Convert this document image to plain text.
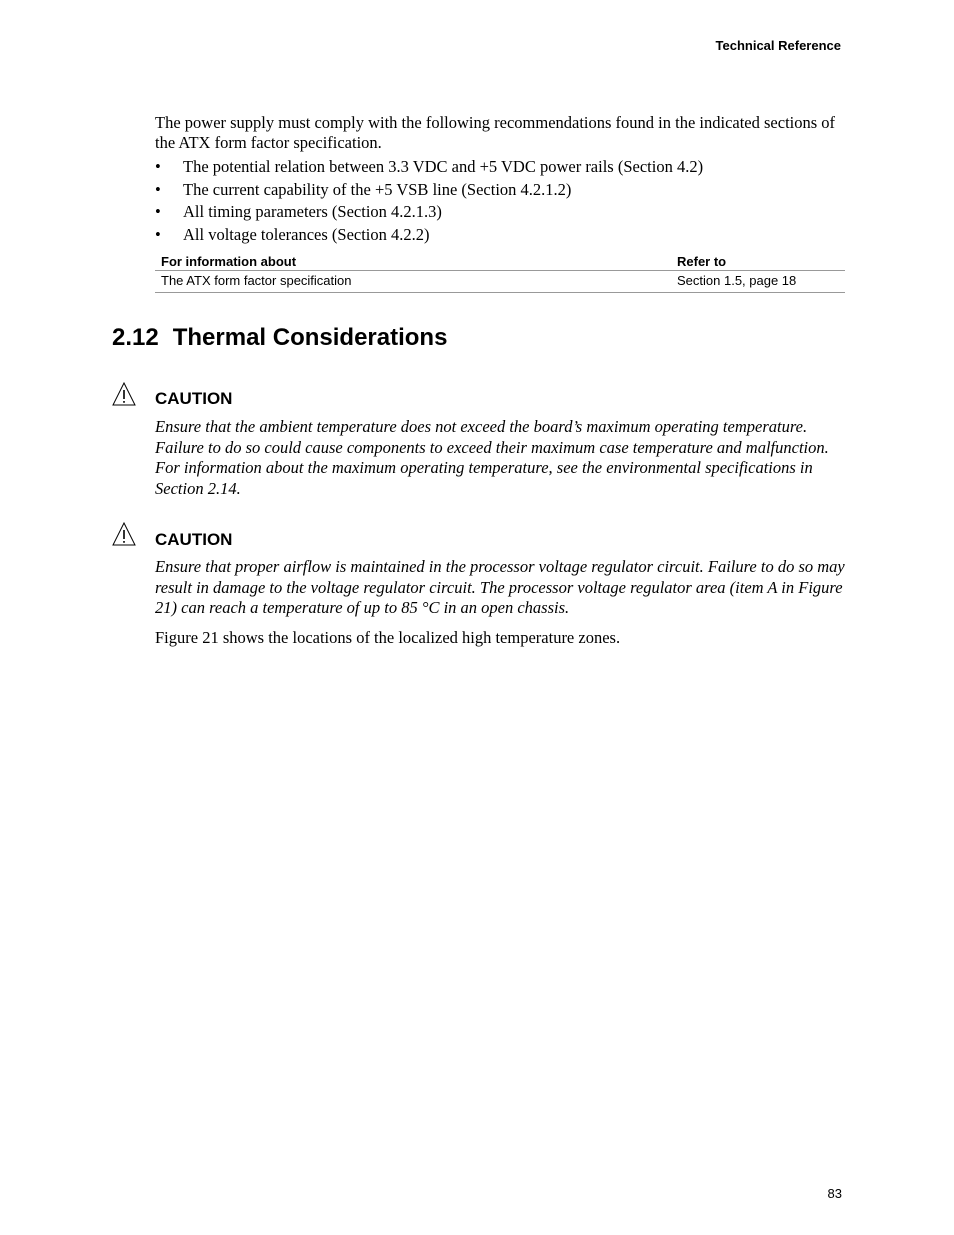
Technical Reference

The power supply must comply with the following recommendations found in the indicated sections of the ATX form factor specification.

• The potential relation between 3.3 VDC and +5 VDC power rails (Section 4.2)
• The current capability of the +5 VSB line (Section 4.2.1.2)
• All timing parameters (Section 4.2.1.3)
• All voltage tolerances (Section 4.2.2)
For information about	Refer to
The ATX form factor specification	Section 1.5, page 18
2.12 Thermal Considerations
CAUTION

Ensure that the ambient temperature does not exceed the board’s maximum operating temperature. Failure to do so could cause components to exceed their maximum case temperature and malfunction. For information about the maximum operating temperature, see the environmental specifications in Section 2.14.

CAUTION

Ensure that proper airflow is maintained in the processor voltage regulator circuit. Failure to do so may result in damage to the voltage regulator circuit. The processor voltage regulator area (item A in Figure 21) can reach a temperature of up to 85 °C in an open chassis.

Figure 21 shows the locations of the localized high temperature zones.

83
